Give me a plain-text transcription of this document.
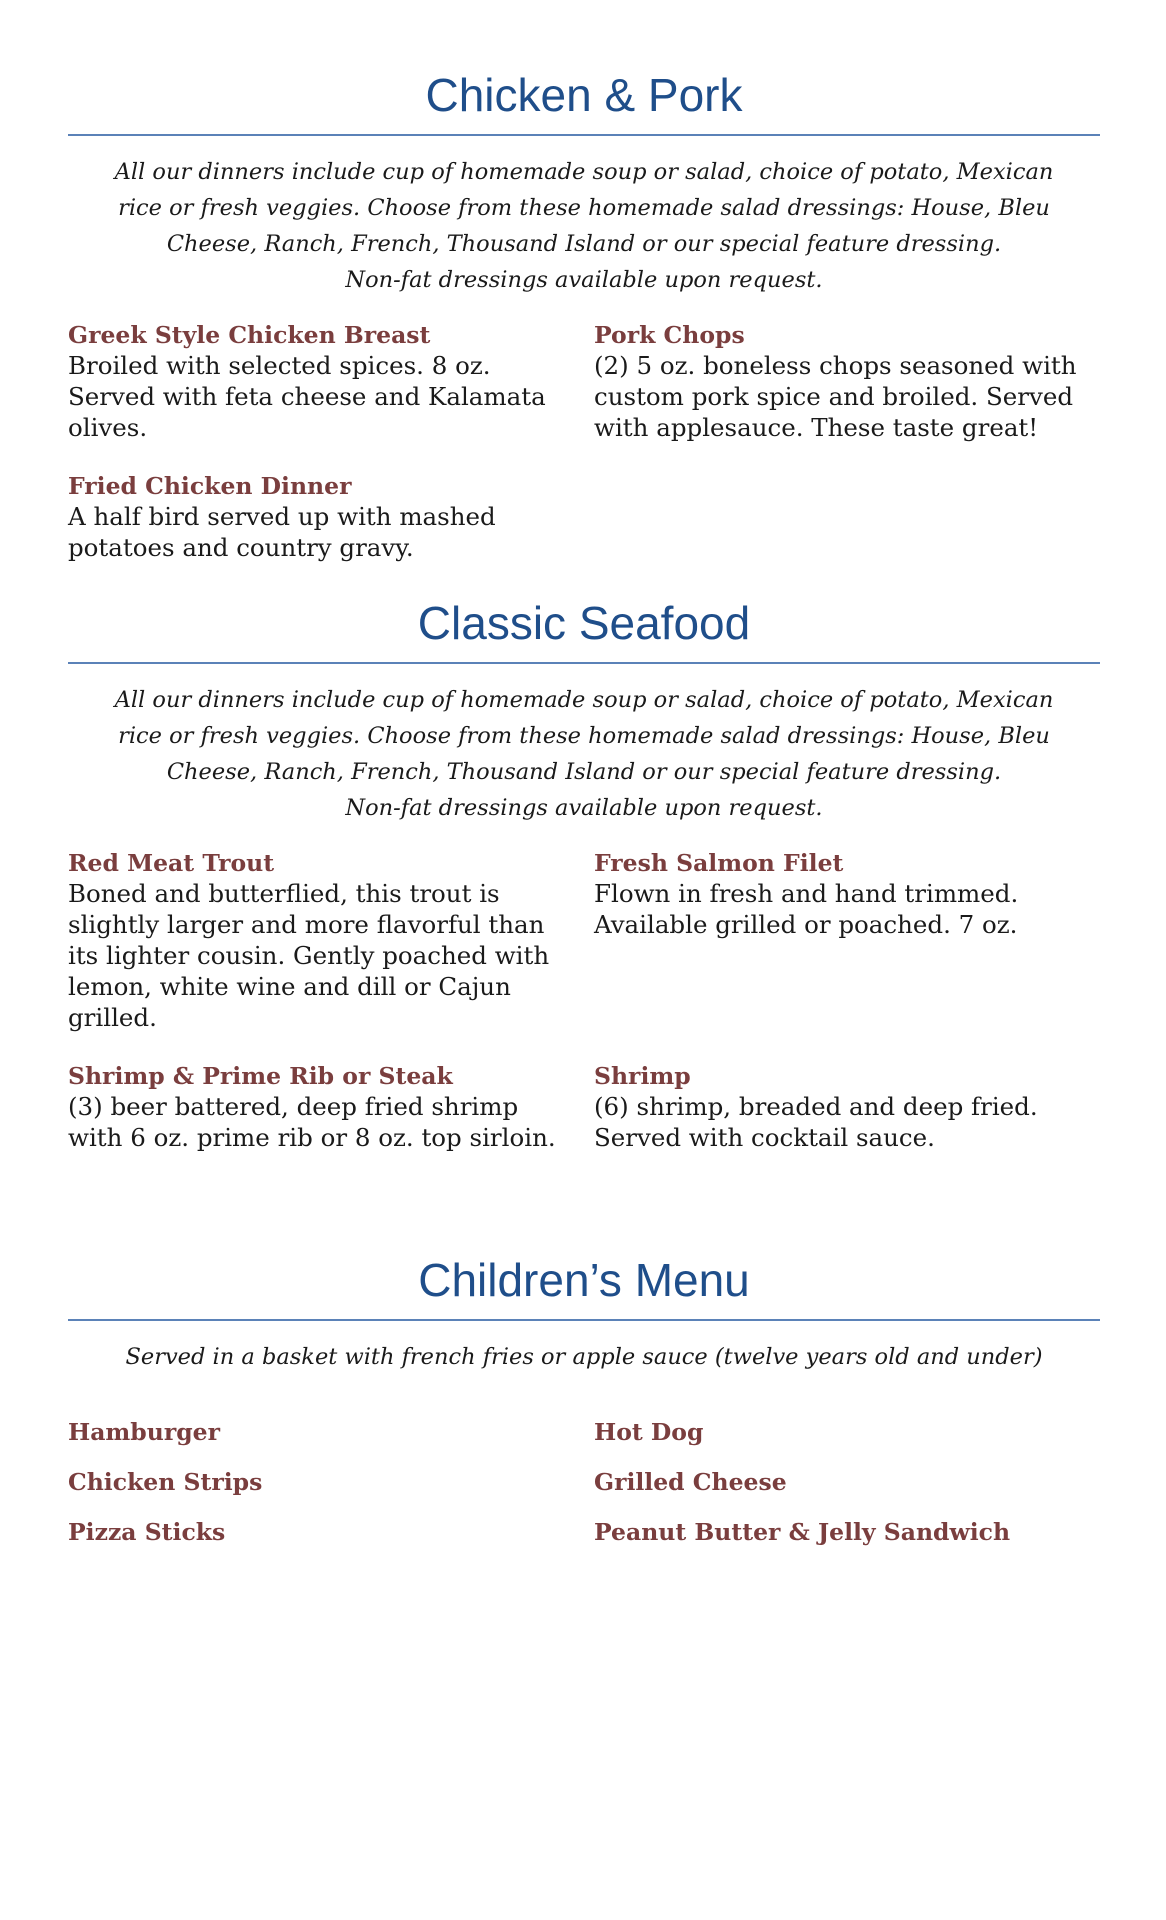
Chicken & Pork
All our dinners include cup of homemade soup or salad, choice of potato, Mexican
rice or fresh veggies. Choose from these homemade salad dressings: House, Bleu
Cheese, Ranch, French, Thousand Island or our special feature dressing.
Non-fat dressings available upon request.
Greek Style Chicken Breast
Broiled with selected spices. 8 oz. Served with feta cheese and Kalamata olives.
Pork Chops
(2) 5 oz. boneless chops seasoned with custom pork spice and broiled. Served with applesauce. These taste great!
Fried Chicken Dinner
A half bird served up with mashed potatoes and country gravy.
Classic Seafood
All our dinners include cup of homemade soup or salad, choice of potato, Mexican
rice or fresh veggies. Choose from these homemade salad dressings: House, Bleu
Cheese, Ranch, French, Thousand Island or our special feature dressing.
Non-fat dressings available upon request.
Red Meat Trout
Boned and butterflied, this trout is slightly larger and more flavorful than its lighter cousin. Gently poached with lemon, white wine and dill or Cajun grilled.
Fresh Salmon Filet
Flown in fresh and hand trimmed. Available grilled or poached. 7 oz.
Shrimp & Prime Rib or Steak
(3) beer battered, deep fried shrimp with 6 oz. prime rib or 8 oz. top sirloin.
Shrimp
(6) shrimp, breaded and deep fried. Served with cocktail sauce.
Children’s Menu
Served in a basket with french fries or apple sauce (twelve years old and under)
Hamburger	Hot Dog
Chicken Strips	Grilled Cheese
Pizza Sticks	Peanut Butter & Jelly Sandwich
